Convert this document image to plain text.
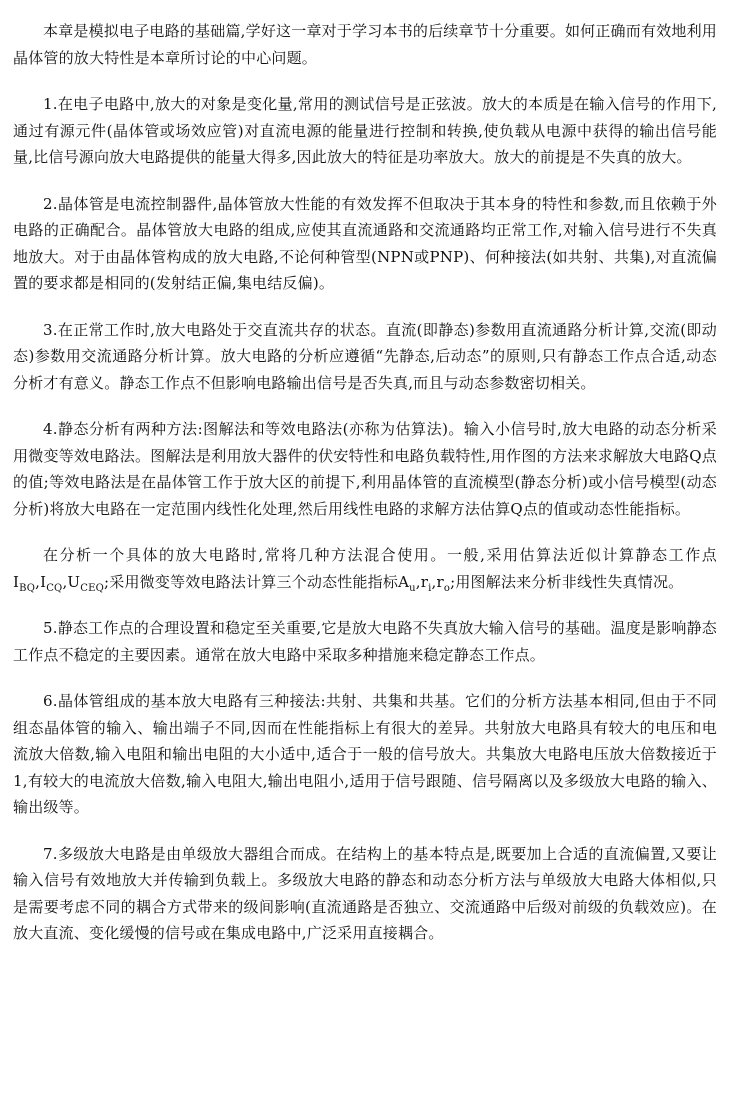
本章是模拟电子电路的基础篇,学好这一章对于学习本书的后续章节十分重要。如何正确而有效地利用晶体管的放大特性是本章所讨论的中心问题。

1.在电子电路中,放大的对象是变化量,常用的测试信号是正弦波。放大的本质是在输入信号的作用下,通过有源元件(晶体管或场效应管)对直流电源的能量进行控制和转换,使负载从电源中获得的输出信号能量,比信号源向放大电路提供的能量大得多,因此放大的特征是功率放大。放大的前提是不失真的放大。

2.晶体管是电流控制器件,晶体管放大性能的有效发挥不但取决于其本身的特性和参数,而且依赖于外电路的正确配合。晶体管放大电路的组成,应使其直流通路和交流通路均正常工作,对输入信号进行不失真地放大。对于由晶体管构成的放大电路,不论何种管型(NPN或PNP)、何种接法(如共射、共集),对直流偏置的要求都是相同的(发射结正偏,集电结反偏)。

3.在正常工作时,放大电路处于交直流共存的状态。直流(即静态)参数用直流通路分析计算,交流(即动态)参数用交流通路分析计算。放大电路的分析应遵循“先静态,后动态”的原则,只有静态工作点合适,动态分析才有意义。静态工作点不但影响电路输出信号是否失真,而且与动态参数密切相关。

4.静态分析有两种方法:图解法和等效电路法(亦称为估算法)。输入小信号时,放大电路的动态分析采用微变等效电路法。图解法是利用放大器件的伏安特性和电路负载特性,用作图的方法来求解放大电路Q点的值;等效电路法是在晶体管工作于放大区的前提下,利用晶体管的直流模型(静态分析)或小信号模型(动态分析)将放大电路在一定范围内线性化处理,然后用线性电路的求解方法估算Q点的值或动态性能指标。

在分析一个具体的放大电路时,常将几种方法混合使用。一般,采用估算法近似计算静态工作点$I_{BQ},I_{CQ},U_{CEQ}$;采用微变等效电路法计算三个动态性能指标$A_u,r_i,r_o$;用图解法来分析非线性失真情况。

5.静态工作点的合理设置和稳定至关重要,它是放大电路不失真放大输入信号的基础。温度是影响静态工作点不稳定的主要因素。通常在放大电路中采取多种措施来稳定静态工作点。

6.晶体管组成的基本放大电路有三种接法:共射、共集和共基。它们的分析方法基本相同,但由于不同组态晶体管的输入、输出端子不同,因而在性能指标上有很大的差异。共射放大电路具有较大的电压和电流放大倍数,输入电阻和输出电阻的大小适中,适合于一般的信号放大。共集放大电路电压放大倍数接近于1,有较大的电流放大倍数,输入电阻大,输出电阻小,适用于信号跟随、信号隔离以及多级放大电路的输入、输出级等。

7.多级放大电路是由单级放大器组合而成。在结构上的基本特点是,既要加上合适的直流偏置,又要让输入信号有效地放大并传输到负载上。多级放大电路的静态和动态分析方法与单级放大电路大体相似,只是需要考虑不同的耦合方式带来的级间影响(直流通路是否独立、交流通路中后级对前级的负载效应)。在放大直流、变化缓慢的信号或在集成电路中,广泛采用直接耦合。
